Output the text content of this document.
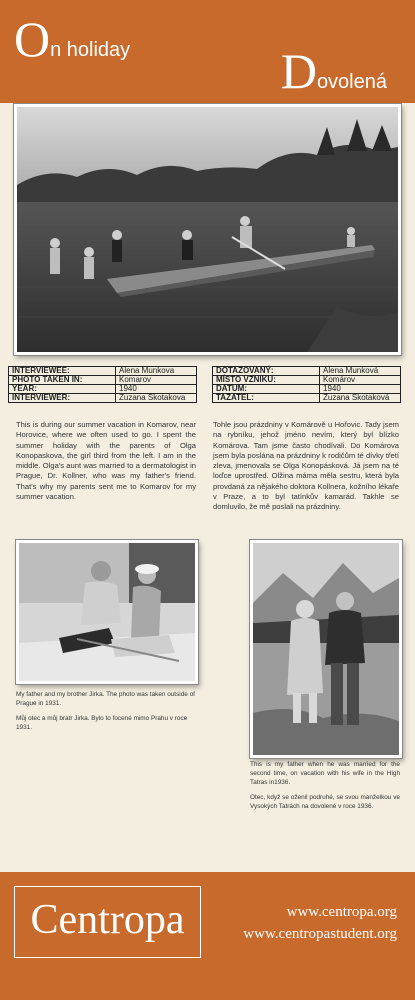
On holiday	Dovolená
INTERVIEWEE:	Alena Munkova
PHOTO TAKEN IN:	Komarov
YEAR:	1940
INTERVIEWER:	Zuzana Skotakova
DOTAZOVANÝ:	Alena Munková
MÍSTO VZNIKU:	Komárov
DATUM:	1940
TAZATEL:	Zuzana Skotaková
This is during our summer vacation in Komarov, near Horovice, where we often used to go. I spent the summer holiday with the parents of Olga Konopaskova, the girl third from the left. I am in the middle. Olga's aunt was married to a dermatologist in Prague, Dr. Kollner, who was my father's friend. That's why my parents sent me to Komarov for my summer vacation.
Tohle jsou prázdniny v Komárově u Hořovic. Tady jsem na rybníku, jehož jméno nevím, který byl blízko Komárova. Tam jsme často chodívali. Do Komárova jsem byla poslána na prázdniny k rodičům té dívky třetí zleva, jmenovala se Olga Konopásková. Já jsem na té loďce uprostřed. Olžina máma měla sestru, která byla provdaná za nějakého doktora Kollnera, kožního lékaře v Praze, a to byl tatínkův kamarád. Takhle se domluvilo, že mě poslali na prázdniny.

My father and my brother Jirka. The photo was taken outside of Prague in 1931.

Můj otec a můj bratr Jirka. Bylo to focené mimo Prahu v roce 1931.

This is my father when he was married for the second time, on vacation with his wife in the High Tatras in1936.

Otec, když se oženil podruhé, se svou manželkou ve Vysokých Tatrách na dovolené v roce 1936.

Centropa	www.centropa.org
www.centropastudent.org
